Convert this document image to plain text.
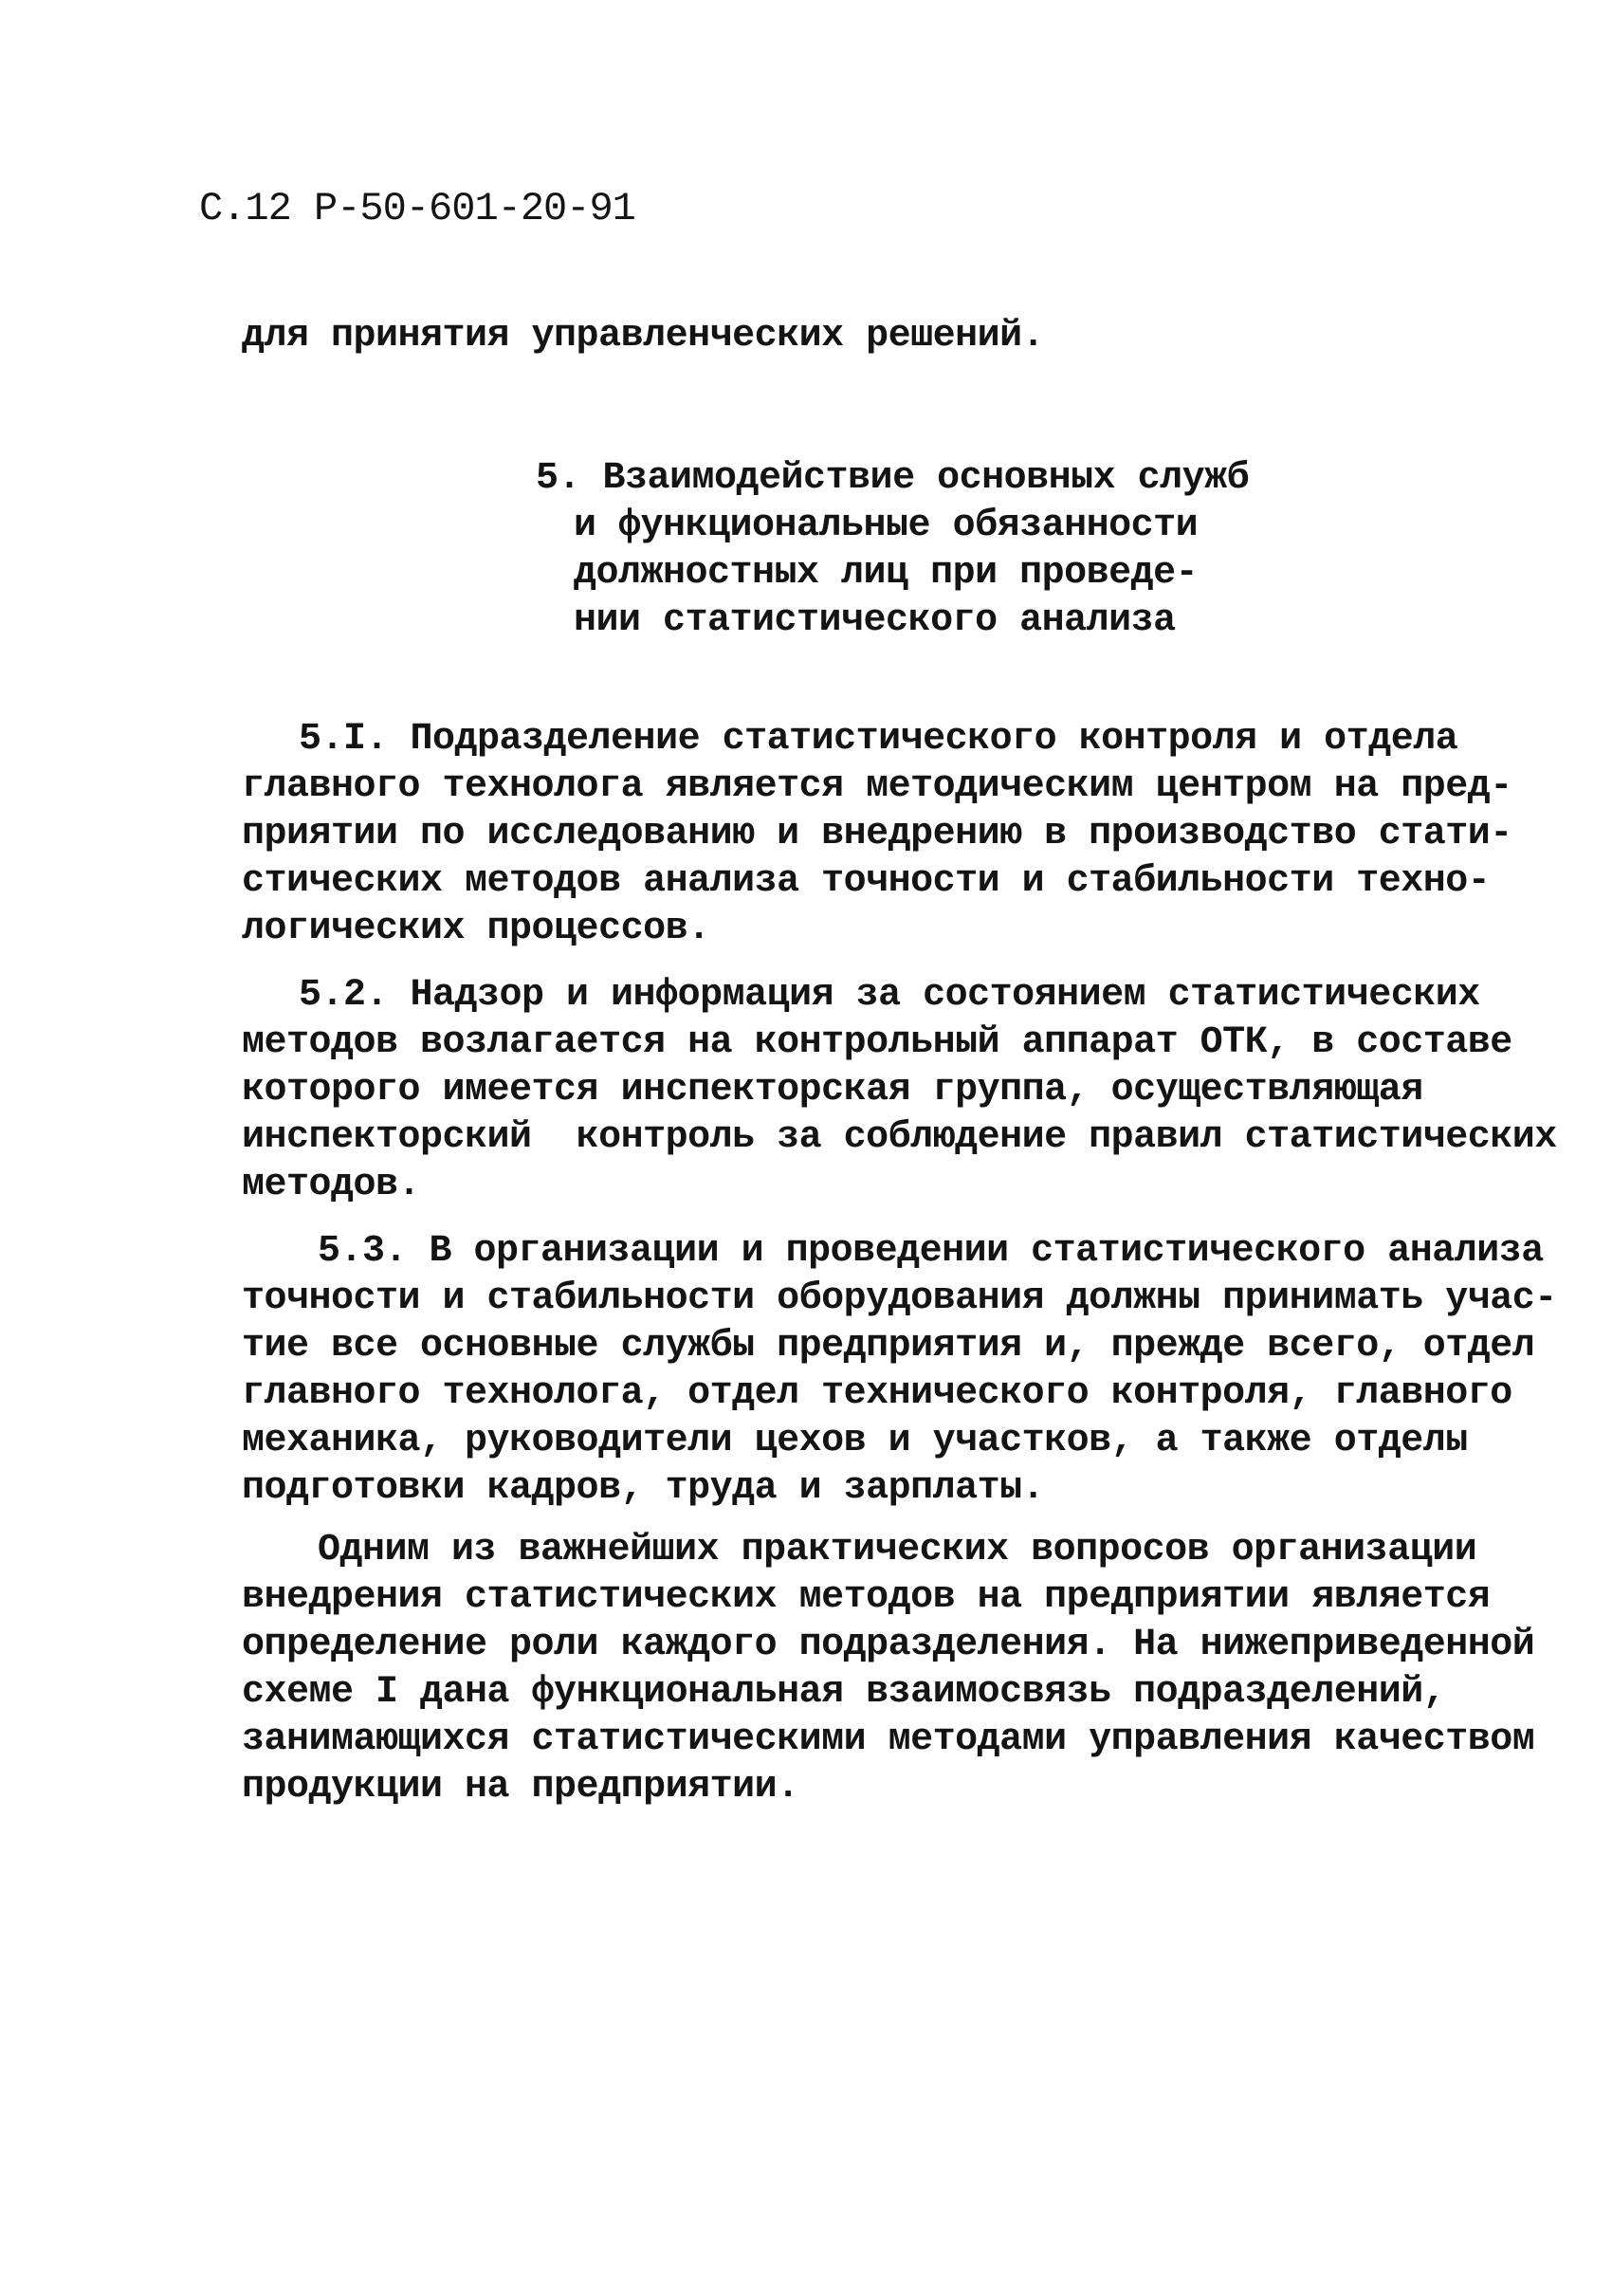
С.12 Р-50-601-20-91
для принятия управленческих решений.
5. Взаимодействие основных служб
и функциональные обязанности
должностных лиц при проведе-
нии статистического анализа
5.I. Подразделение статистического контроля и отдела
главного технолога является методическим центром на пред-
приятии по исследованию и внедрению в производство стати-
стических методов анализа точности и стабильности техно-
логических процессов.
5.2. Надзор и информация за состоянием статистических
методов возлагается на контрольный аппарат ОТК, в составе
которого имеется инспекторская группа, осуществляющая
инспекторский  контроль за соблюдение правил статистических
методов.
5.3. В организации и проведении статистического анализа
точности и стабильности оборудования должны принимать учас-
тие все основные службы предприятия и, прежде всего, отдел
главного технолога, отдел технического контроля, главного
механика, руководители цехов и участков, а также отделы
подготовки кадров, труда и зарплаты.
Одним из важнейших практических вопросов организации
внедрения статистических методов на предприятии является
определение роли каждого подразделения. На нижеприведенной
схеме I дана функциональная взаимосвязь подразделений,
занимающихся статистическими методами управления качеством
продукции на предприятии.
